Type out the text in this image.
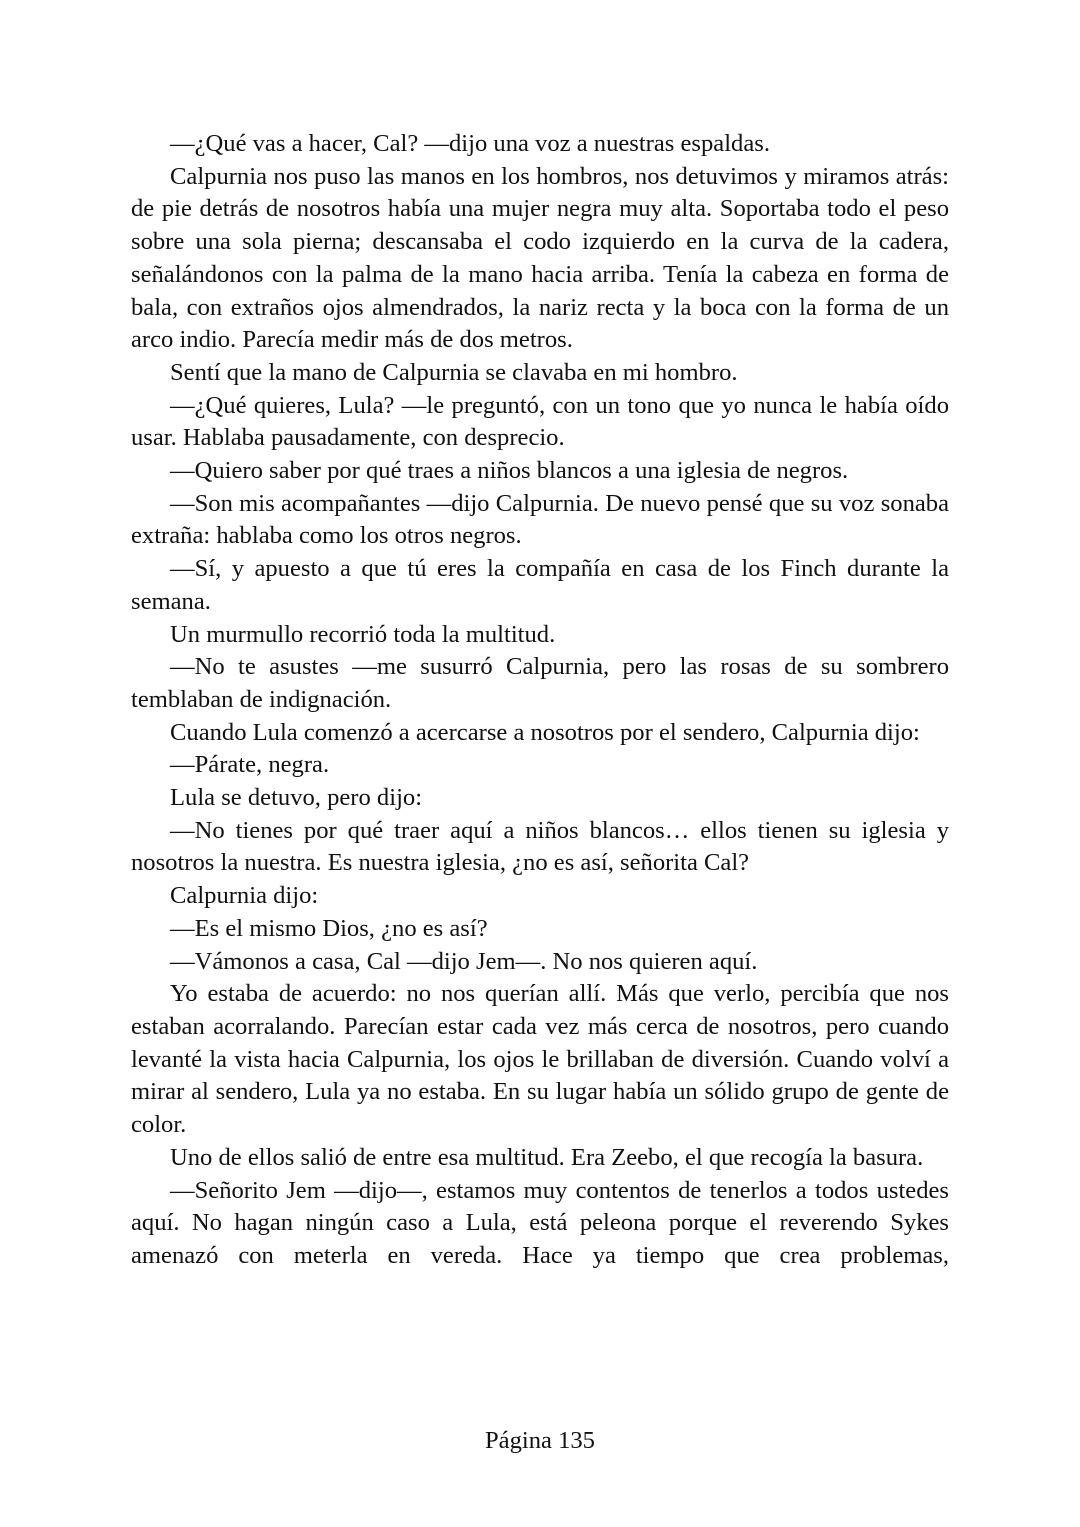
—¿Qué vas a hacer, Cal? —dijo una voz a nuestras espaldas.

Calpurnia nos puso las manos en los hombros, nos detuvimos y miramos atrás: de pie detrás de nosotros había una mujer negra muy alta. Soportaba todo el peso sobre una sola pierna; descansaba el codo izquierdo en la curva de la cadera, señalándonos con la palma de la mano hacia arriba. Tenía la cabeza en forma de bala, con extraños ojos almendrados, la nariz recta y la boca con la forma de un arco indio. Parecía medir más de dos metros.

Sentí que la mano de Calpurnia se clavaba en mi hombro.

—¿Qué quieres, Lula? —le preguntó, con un tono que yo nunca le había oído usar. Hablaba pausadamente, con desprecio.

—Quiero saber por qué traes a niños blancos a una iglesia de negros.

—Son mis acompañantes —dijo Calpurnia. De nuevo pensé que su voz sonaba extraña: hablaba como los otros negros.

—Sí, y apuesto a que tú eres la compañía en casa de los Finch durante la semana.

Un murmullo recorrió toda la multitud.

—No te asustes —me susurró Calpurnia, pero las rosas de su sombrero temblaban de indignación.

Cuando Lula comenzó a acercarse a nosotros por el sendero, Calpurnia dijo:

—Párate, negra.

Lula se detuvo, pero dijo:

—No tienes por qué traer aquí a niños blancos… ellos tienen su iglesia y nosotros la nuestra. Es nuestra iglesia, ¿no es así, señorita Cal?

Calpurnia dijo:

—Es el mismo Dios, ¿no es así?

—Vámonos a casa, Cal —dijo Jem—. No nos quieren aquí.

Yo estaba de acuerdo: no nos querían allí. Más que verlo, percibía que nos estaban acorralando. Parecían estar cada vez más cerca de nosotros, pero cuando levanté la vista hacia Calpurnia, los ojos le brillaban de diversión. Cuando volví a mirar al sendero, Lula ya no estaba. En su lugar había un sólido grupo de gente de color.

Uno de ellos salió de entre esa multitud. Era Zeebo, el que recogía la basura.

—Señorito Jem —dijo—, estamos muy contentos de tenerlos a todos ustedes aquí. No hagan ningún caso a Lula, está peleona porque el reverendo Sykes amenazó con meterla en vereda. Hace ya tiempo que crea problemas,

Página 135
